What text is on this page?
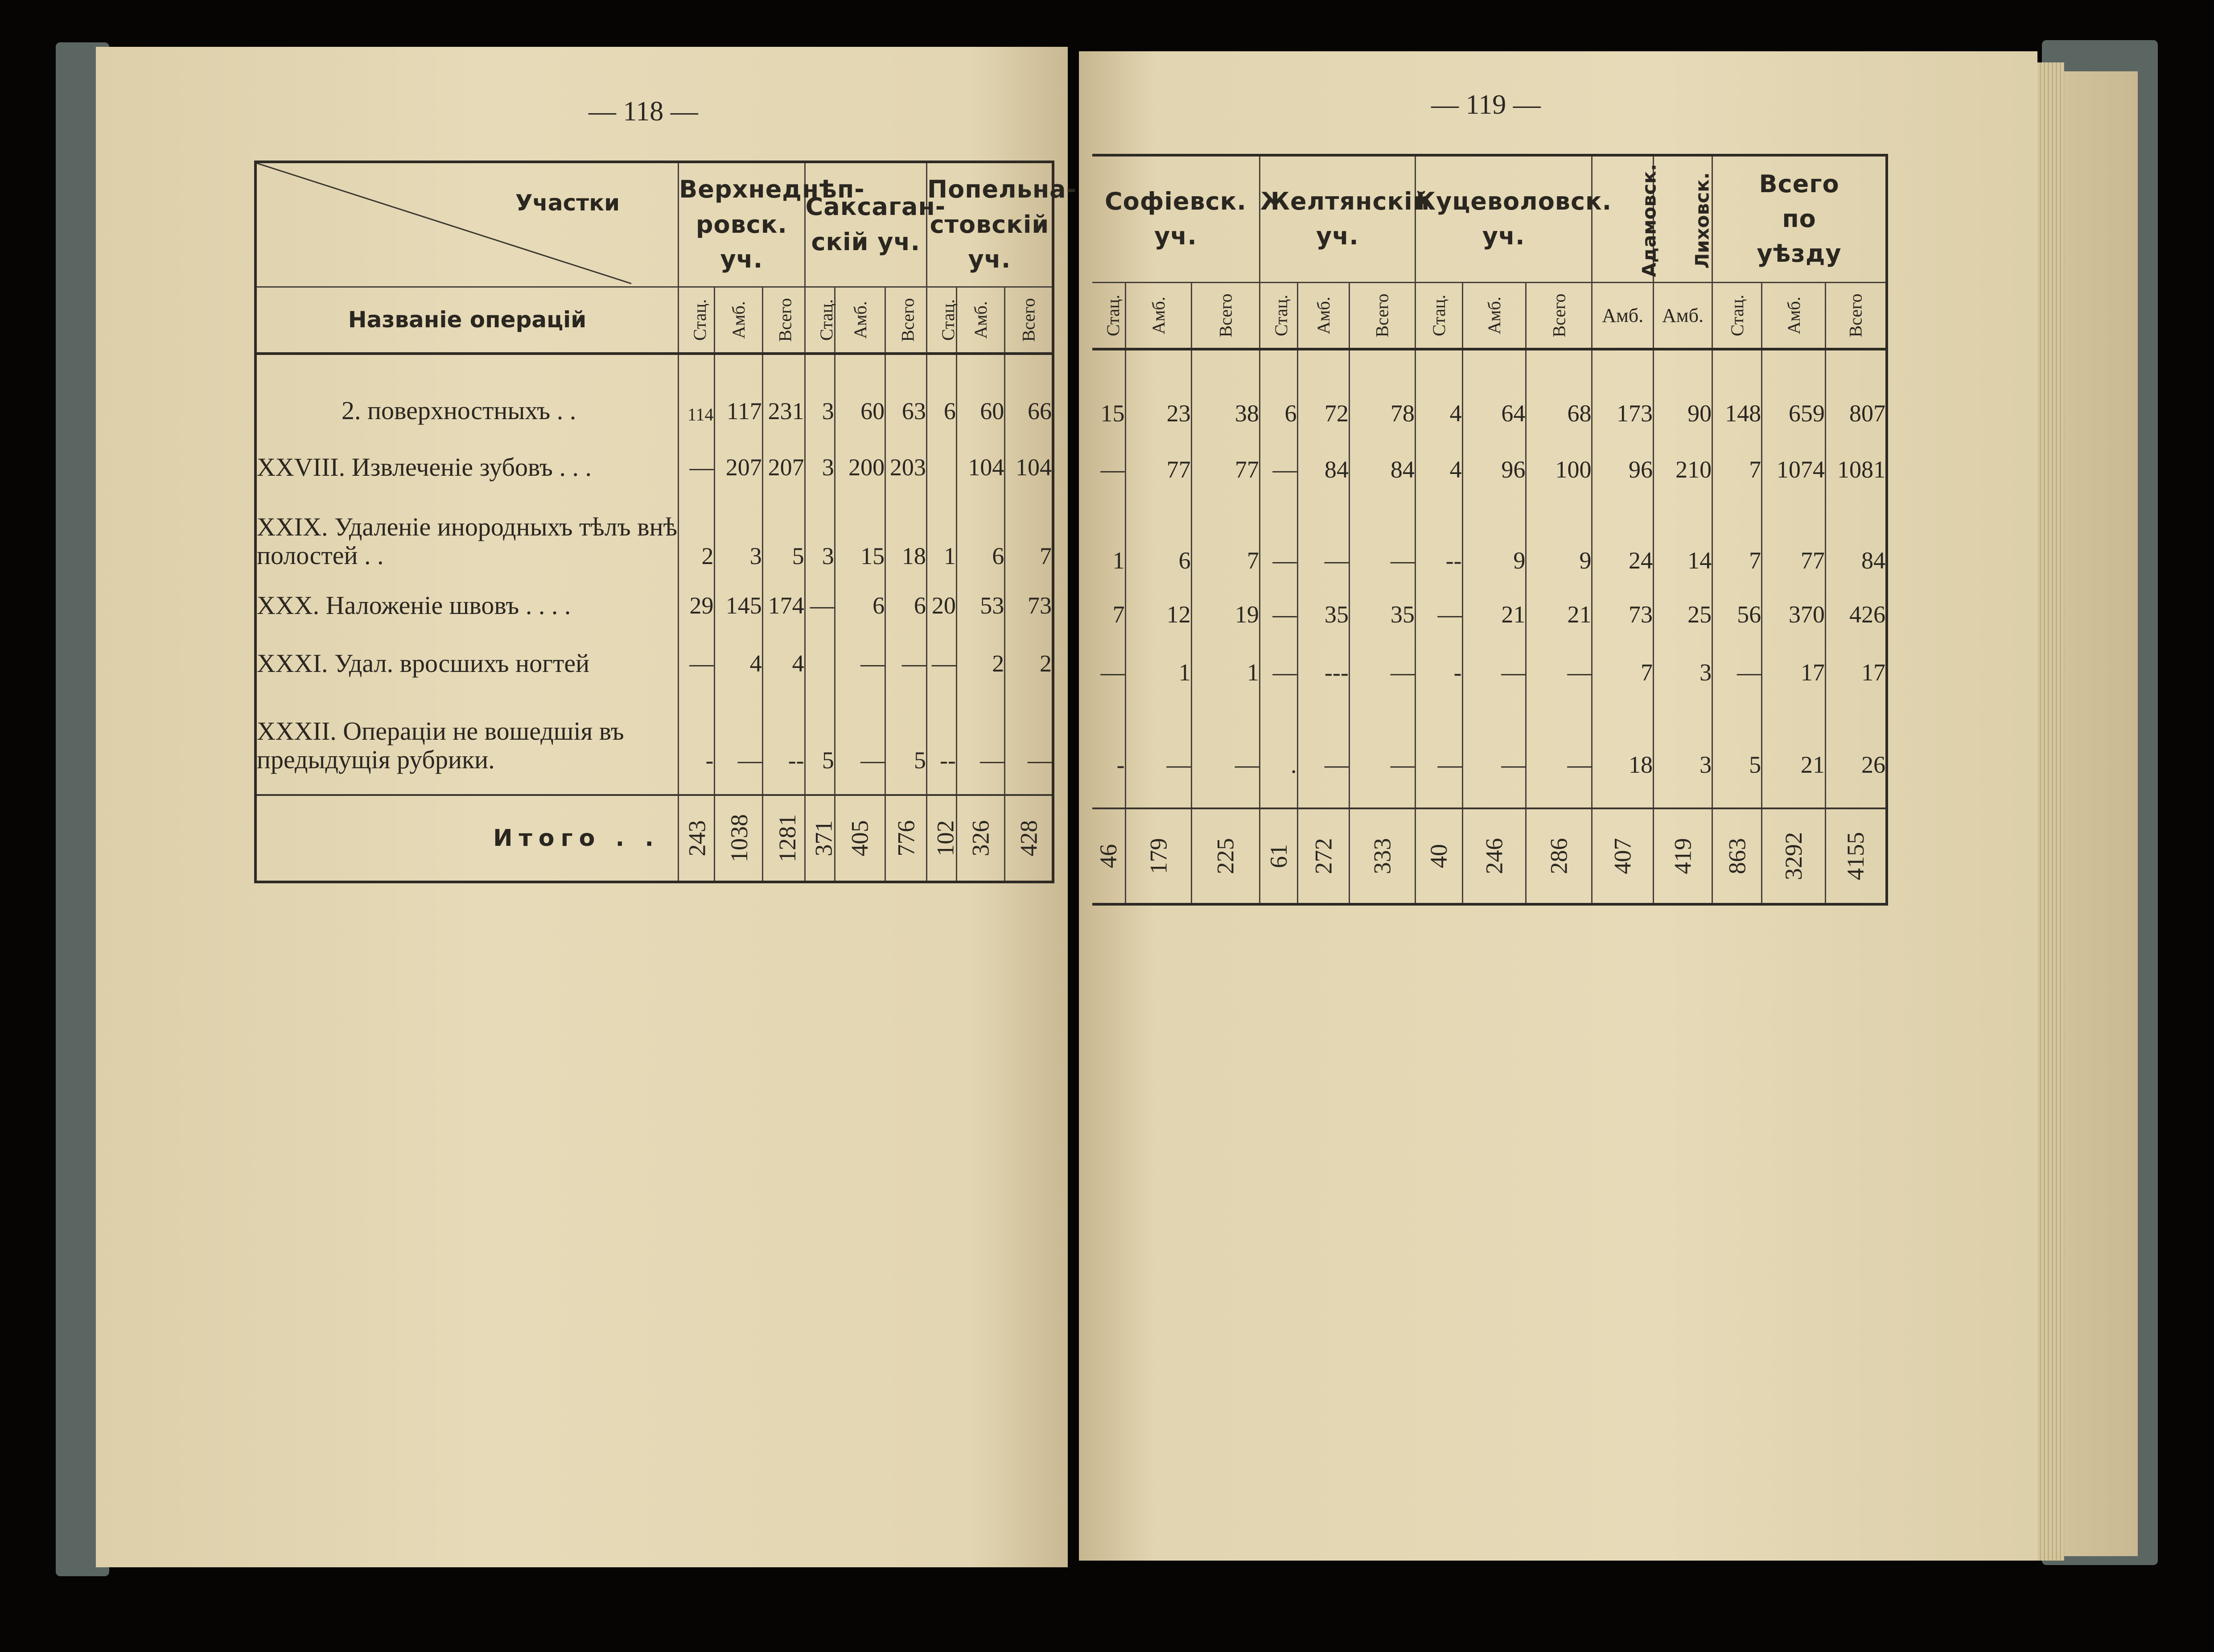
— 118 —	— 119 —
Участки	Верхнеднѣп-ровск. уч.			Саксаган-скій уч.			Попельна-стовскій уч.		
Названіе операцій	Стац.	Амб.	Всего	Стац.	Амб.	Всего	Стац.	Амб.	Всего
2. поверхностныхъ . .	114	117	231	3	60	63	6	60	66
XXVIII. Извлеченіе зубовъ . . .	—	207	207	3	200	203		104	104
XXIX. Удаленіе инородныхъ тѣлъ внѣ полостей . .	2	3	5	3	15	18	1	6	7
XXX. Наложеніе швовъ . . . .	29	145	174	—	6	6	20	53	73
XXXI. Удал. вросшихъ ногтей	—	4	4		—	—	—	2	2
XXXII. Операціи не вошедшія въ предыдущія рубрики.	-	—	--	5	—	5	--	—	—
Итого . .	243	1038	1281	371	405	776	102	326	428
Софіевск. уч.			Желтянскій уч.			Куцеволовск. уч.			Адамовск.	Лиховск.	Всего по уѣзду		
Стац.	Амб.	Всего	Стац.	Амб.	Всего	Стац.	Амб.	Всего	Амб.	Амб.	Стац.	Амб.	Всего
15	23	38	6	72	78	4	64	68	173	90	148	659	807
—	77	77	—	84	84	4	96	100	96	210	7	1074	1081
1	6	7	—	—	—	--	9	9	24	14	7	77	84
7	12	19	—	35	35	—	21	21	73	25	56	370	426
—	1	1	—	---	—	-	—	—	7	3	—	17	17
-	—	—	.	—	—	—	—	—	18	3	5	21	26
46	179	225	61	272	333	40	246	286	407	419	863	3292	4155
